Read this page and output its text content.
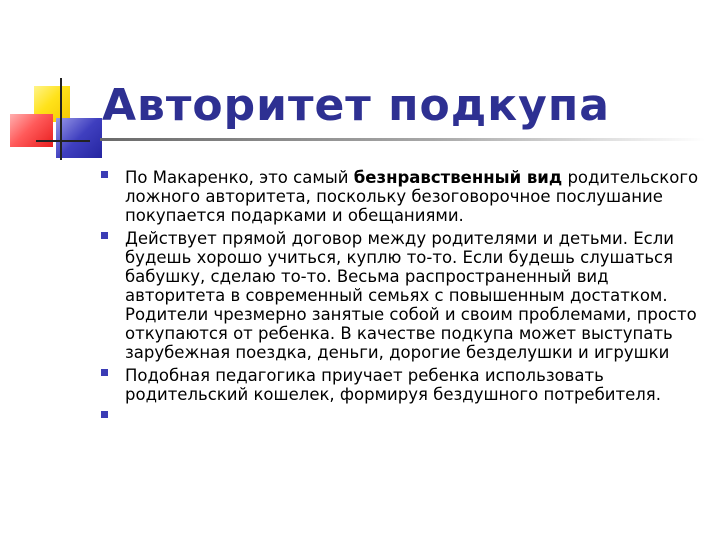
Авторитет подкупа
По Макаренко, это самый безнравственный вид родительского ложного авторитета, поскольку безоговорочное послушание покупается подарками и обещаниями.
Действует прямой договор между родителями и детьми. Если будешь хорошо учиться, куплю то-то. Если будешь слушаться бабушку, сделаю то-то. Весьма распространенный вид авторитета в современный семьях с повышенным достатком. Родители чрезмерно занятые собой и своим проблемами, просто откупаются от ребенка. В качестве подкупа может выступать зарубежная поездка, деньги, дорогие безделушки и игрушки
Подобная педагогика приучает ребенка использовать родительский кошелек, формируя бездушного потребителя.
